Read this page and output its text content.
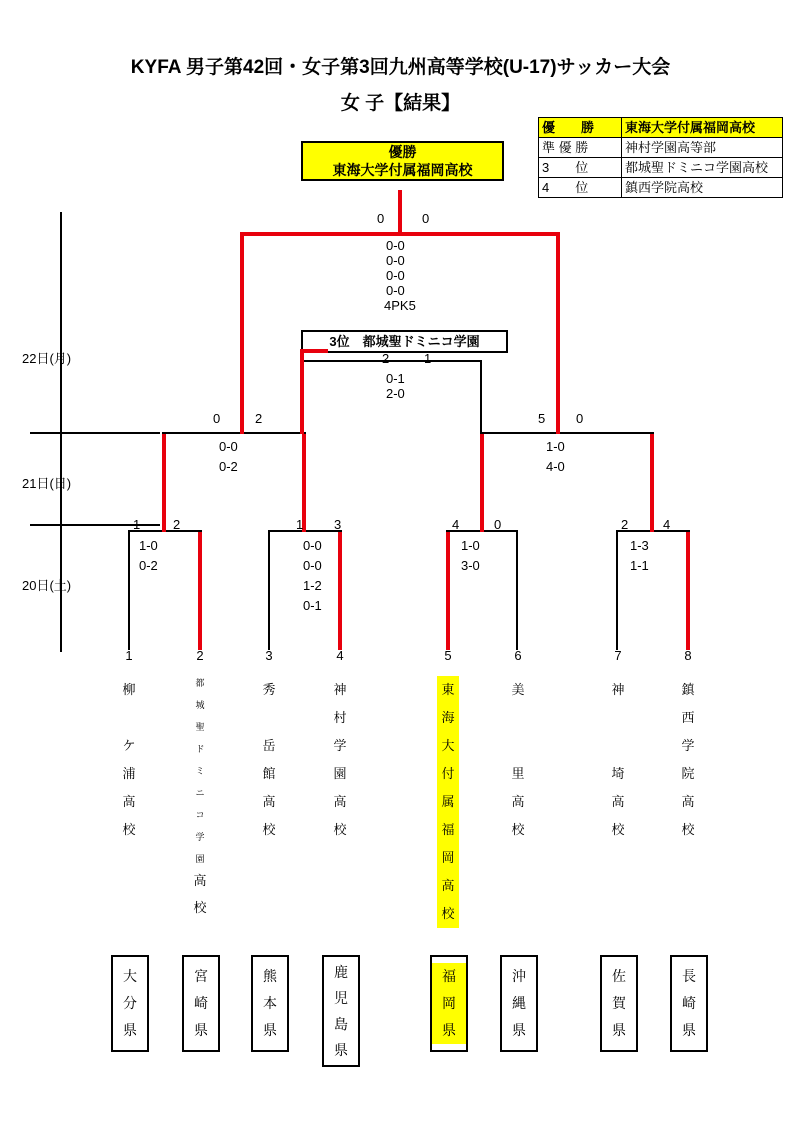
KYFA 男子第42回・女子第3回九州高等学校(U-17)サッカー大会
女 子【結果】
優　　勝	東海大学付属福岡高校
準 優 勝	神村学園高等部
3　　位	都城聖ドミニコ学園高校
4　　位	鎮西学院高校
優勝
東海大学付属福岡高校
3位　都城聖ドミニコ学園
22日(月)
21日(日)
20日(土)
0	0
0-0
0-0
0-0
0-0
4PK5
2	1
0-1
2-0
0	2
0-0
0-2
5 0
1-0
4-0
1	2
1-0
0-2
1 3
0-0
0-0
1-2
0-1
4	0
1-0
3-0
2	4
1-3
1-1
1	2	3	4	5	6	7	8
柳
ケ
浦
高
校
都
城
聖
ド
ミ
ニ
コ
学
園
高
校
秀
岳
館
高
校
神
村
学
園
高
校
東
海
大
付
属
福
岡
高
校
美
里
高
校
神
埼
高
校
鎮
西
学
院
高
校
大
分
県
宮
崎
県
熊
本
県
鹿
児
島
県
福
岡
県
沖
縄
県
佐
賀
県
長
崎
県
